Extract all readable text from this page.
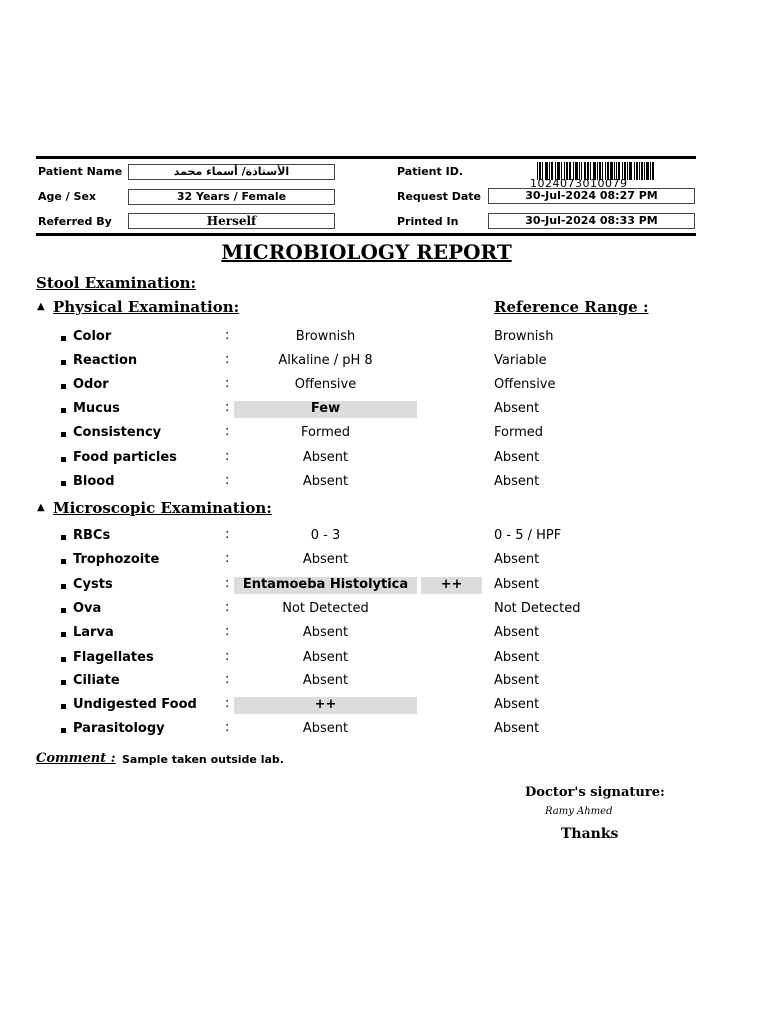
Patient Name	الأستاذة/ أسماء محمد
Age / Sex	32 Years / Female
Referred By	Herself
Patient ID.
1024073010079
Request Date	30-Jul-2024 08:27 PM
Printed In	30-Jul-2024 08:33 PM
MICROBIOLOGY REPORT
Stool Examination:
▲ Physical Examination:	Reference Range :
Color	:	Brownish	Brownish
Reaction	:	Alkaline / pH 8	Variable
Odor	:	Offensive	Offensive
Mucus	:	Few	Absent
Consistency	:	Formed	Formed
Food particles	:	Absent	Absent
Blood	:	Absent	Absent
▲ Microscopic Examination:
RBCs	:	0 - 3	0 - 5 / HPF
Trophozoite	:	Absent	Absent
Cysts	:	Entamoeba Histolytica	++	Absent
Ova	:	Not Detected	Not Detected
Larva	:	Absent	Absent
Flagellates	:	Absent	Absent
Ciliate	:	Absent	Absent
Undigested Food :	++	Absent
Parasitology	:	Absent	Absent
Comment : Sample taken outside lab.
Doctor's signature:
Ramy Ahmed
Thanks
